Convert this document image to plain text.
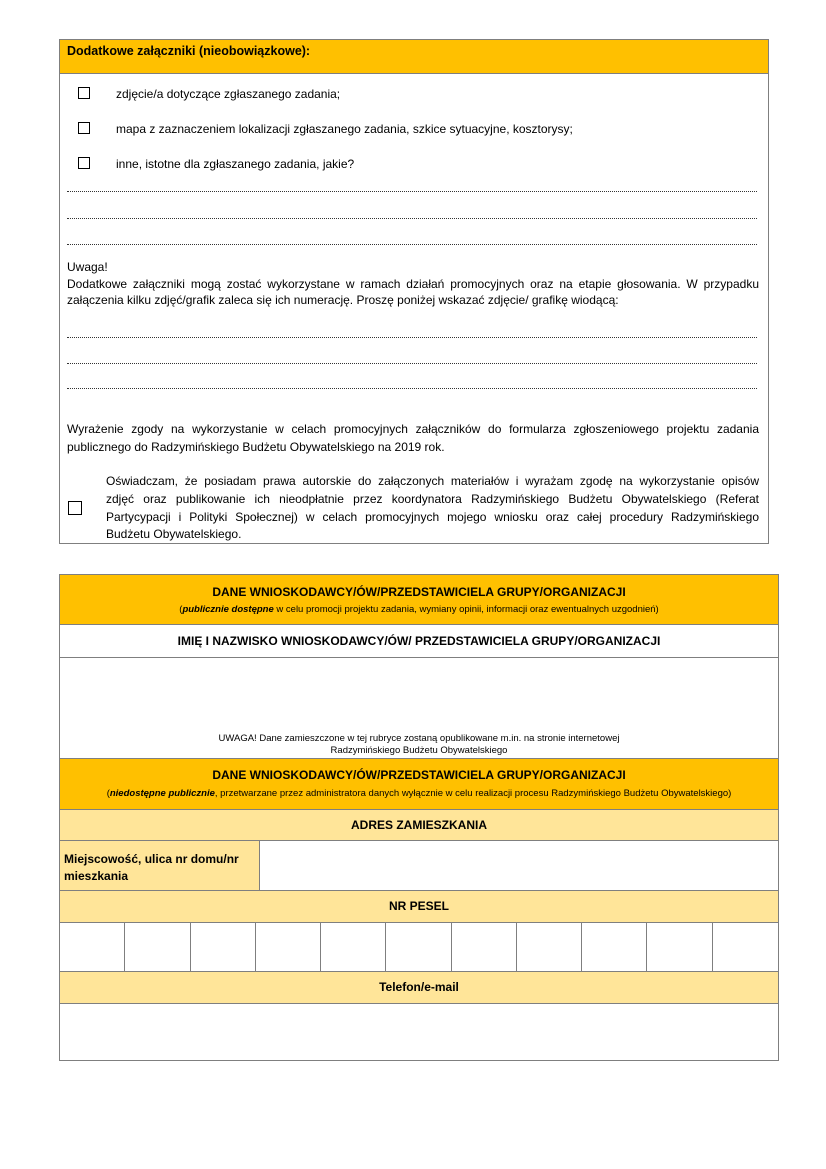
Dodatkowe załączniki (nieobowiązkowe):
zdjęcie/a dotyczące zgłaszanego zadania;
mapa z zaznaczeniem lokalizacji zgłaszanego zadania, szkice sytuacyjne, kosztorysy;
inne, istotne dla zgłaszanego zadania, jakie?
Uwaga!
Dodatkowe załączniki mogą zostać wykorzystane w ramach działań promocyjnych oraz na etapie głosowania. W przypadku
załączenia kilku zdjęć/grafik zaleca się ich numerację. Proszę poniżej wskazać zdjęcie/ grafikę wiodącą:
Wyrażenie zgody na wykorzystanie w celach promocyjnych załączników do formularza zgłoszeniowego projektu zadania
publicznego do Radzymińskiego Budżetu Obywatelskiego na 2019 rok.
Oświadczam, że posiadam prawa autorskie do załączonych materiałów i wyrażam zgodę na wykorzystanie opisów
zdjęć oraz publikowanie ich nieodpłatnie przez koordynatora Radzymińskiego Budżetu Obywatelskiego (Referat
Partycypacji i Polityki Społecznej) w celach promocyjnych mojego wniosku oraz całej procedury Radzymińskiego
Budżetu Obywatelskiego.
DANE WNIOSKODAWCY/ÓW/PRZEDSTAWICIELA GRUPY/ORGANIZACJI
(publicznie dostępne w celu promocji projektu zadania, wymiany opinii, informacji oraz ewentualnych uzgodnień)
IMIĘ I NAZWISKO WNIOSKODAWCY/ÓW/ PRZEDSTAWICIELA GRUPY/ORGANIZACJI
UWAGA! Dane zamieszczone w tej rubryce zostaną opublikowane m.in. na stronie internetowej
Radzymińskiego Budżetu Obywatelskiego
DANE WNIOSKODAWCY/ÓW/PRZEDSTAWICIELA GRUPY/ORGANIZACJI
(niedostępne publicznie, przetwarzane przez administratora danych wyłącznie w celu realizacji procesu Radzymińskiego Budżetu Obywatelskiego)
ADRES ZAMIESZKANIA
Miejscowość, ulica nr domu/nr
mieszkania
NR PESEL
Telefon/e-mail
